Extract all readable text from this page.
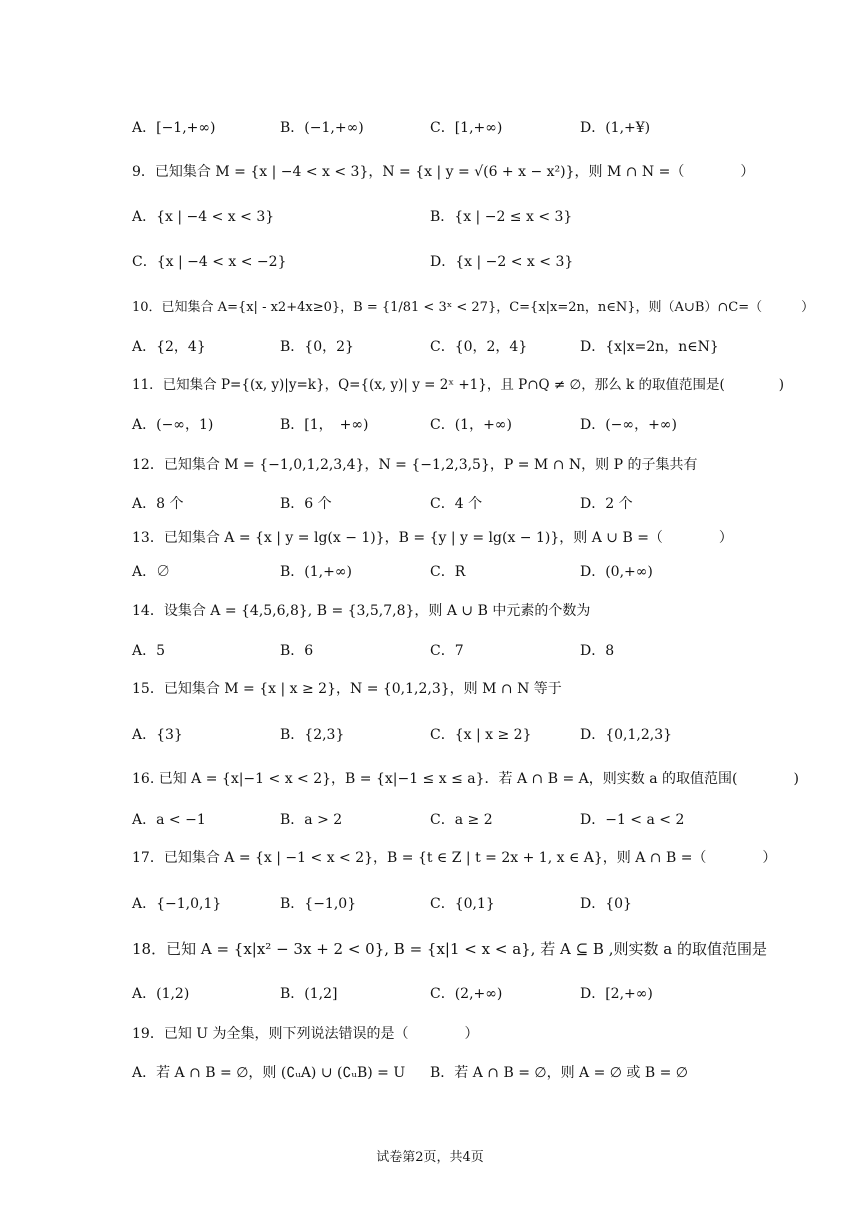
A．[−1,+∞)	B．(−1,+∞)	C．[1,+∞)	D．(1,+¥)
9．已知集合 M = {x | −4 < x < 3}，N = {x | y = √(6 + x − x²)}，则 M ∩ N =（　　　　）
A．{x | −4 < x < 3}	B．{x | −2 ≤ x < 3}
C．{x | −4 < x < −2}	D．{x | −2 < x < 3}
10．已知集合 A={x| - x2+4x≥0}，B = {1/81 < 3ˣ < 27}，C={x|x=2n，n∈N}，则（A∪B）∩C=（　　　）
A．{2，4}	B．{0，2}	C．{0，2，4}	D．{x|x=2n，n∈N}
11．已知集合 P={(x, y)|y=k}，Q={(x, y)| y = 2ˣ +1}，且 P∩Q ≠ ∅，那么 k 的取值范围是(　　　　)
A．(−∞，1)	B．[1，　+∞)	C．(1，+∞)	D．(−∞，+∞)
12．已知集合 M = {−1,0,1,2,3,4}，N = {−1,2,3,5}，P = M ∩ N，则 P 的子集共有
A．8 个	B．6 个	C．4 个	D．2 个
13．已知集合 A = {x | y = lg(x − 1)}，B = {y | y = lg(x − 1)}，则 A ∪ B =（　　　　）
A．∅	B．(1,+∞)	C．R	D．(0,+∞)
14．设集合 A = {4,5,6,8}, B = {3,5,7,8}，则 A ∪ B 中元素的个数为
A．5	B．6	C．7	D．8
15．已知集合 M = {x | x ≥ 2}，N = {0,1,2,3}，则 M ∩ N 等于
A．{3}	B．{2,3}	C．{x | x ≥ 2}	D．{0,1,2,3}
16. 已知 A = {x|−1 < x < 2}，B = {x|−1 ≤ x ≤ a}．若 A ∩ B = A，则实数 a 的取值范围(　　　　)
A．a < −1	B．a > 2	C．a ≥ 2	D．−1 < a < 2
17．已知集合 A = {x | −1 < x < 2}，B = {t ∈ Z | t = 2x + 1, x ∈ A}，则 A ∩ B =（　　　　）
A．{−1,0,1}	B．{−1,0}	C．{0,1}	D．{0}
18．已知 A = {x|x² − 3x + 2 < 0}, B = {x|1 < x < a}, 若 A ⊆ B ,则实数 a 的取值范围是
A．(1,2)	B．(1,2]	C．(2,+∞)	D．[2,+∞)
19．已知 U 为全集，则下列说法错误的是（　　　　）
A．若 A ∩ B = ∅，则 (∁ᵤA) ∪ (∁ᵤB) = U B．若 A ∩ B = ∅，则 A = ∅ 或 B = ∅
试卷第2页，共4页
